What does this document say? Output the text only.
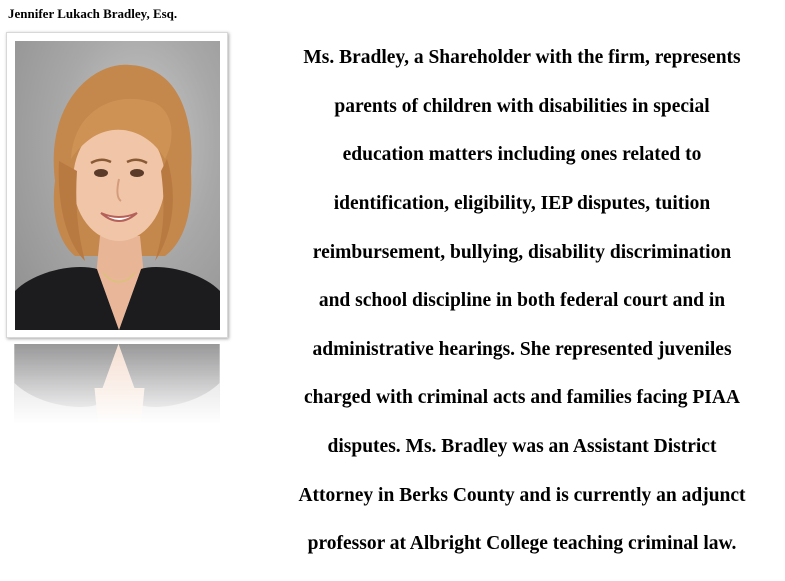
Jennifer Lukach Bradley, Esq.

Ms. Bradley, a Shareholder with the firm, represents

parents of children with disabilities in special

education matters including ones related to

identification, eligibility, IEP disputes, tuition

reimbursement, bullying, disability discrimination

and school discipline in both federal court and in

administrative hearings. She represented juveniles

charged with criminal acts and families facing PIAA

disputes. Ms. Bradley was an Assistant District

Attorney in Berks County and is currently an adjunct

professor at Albright College teaching criminal law.
